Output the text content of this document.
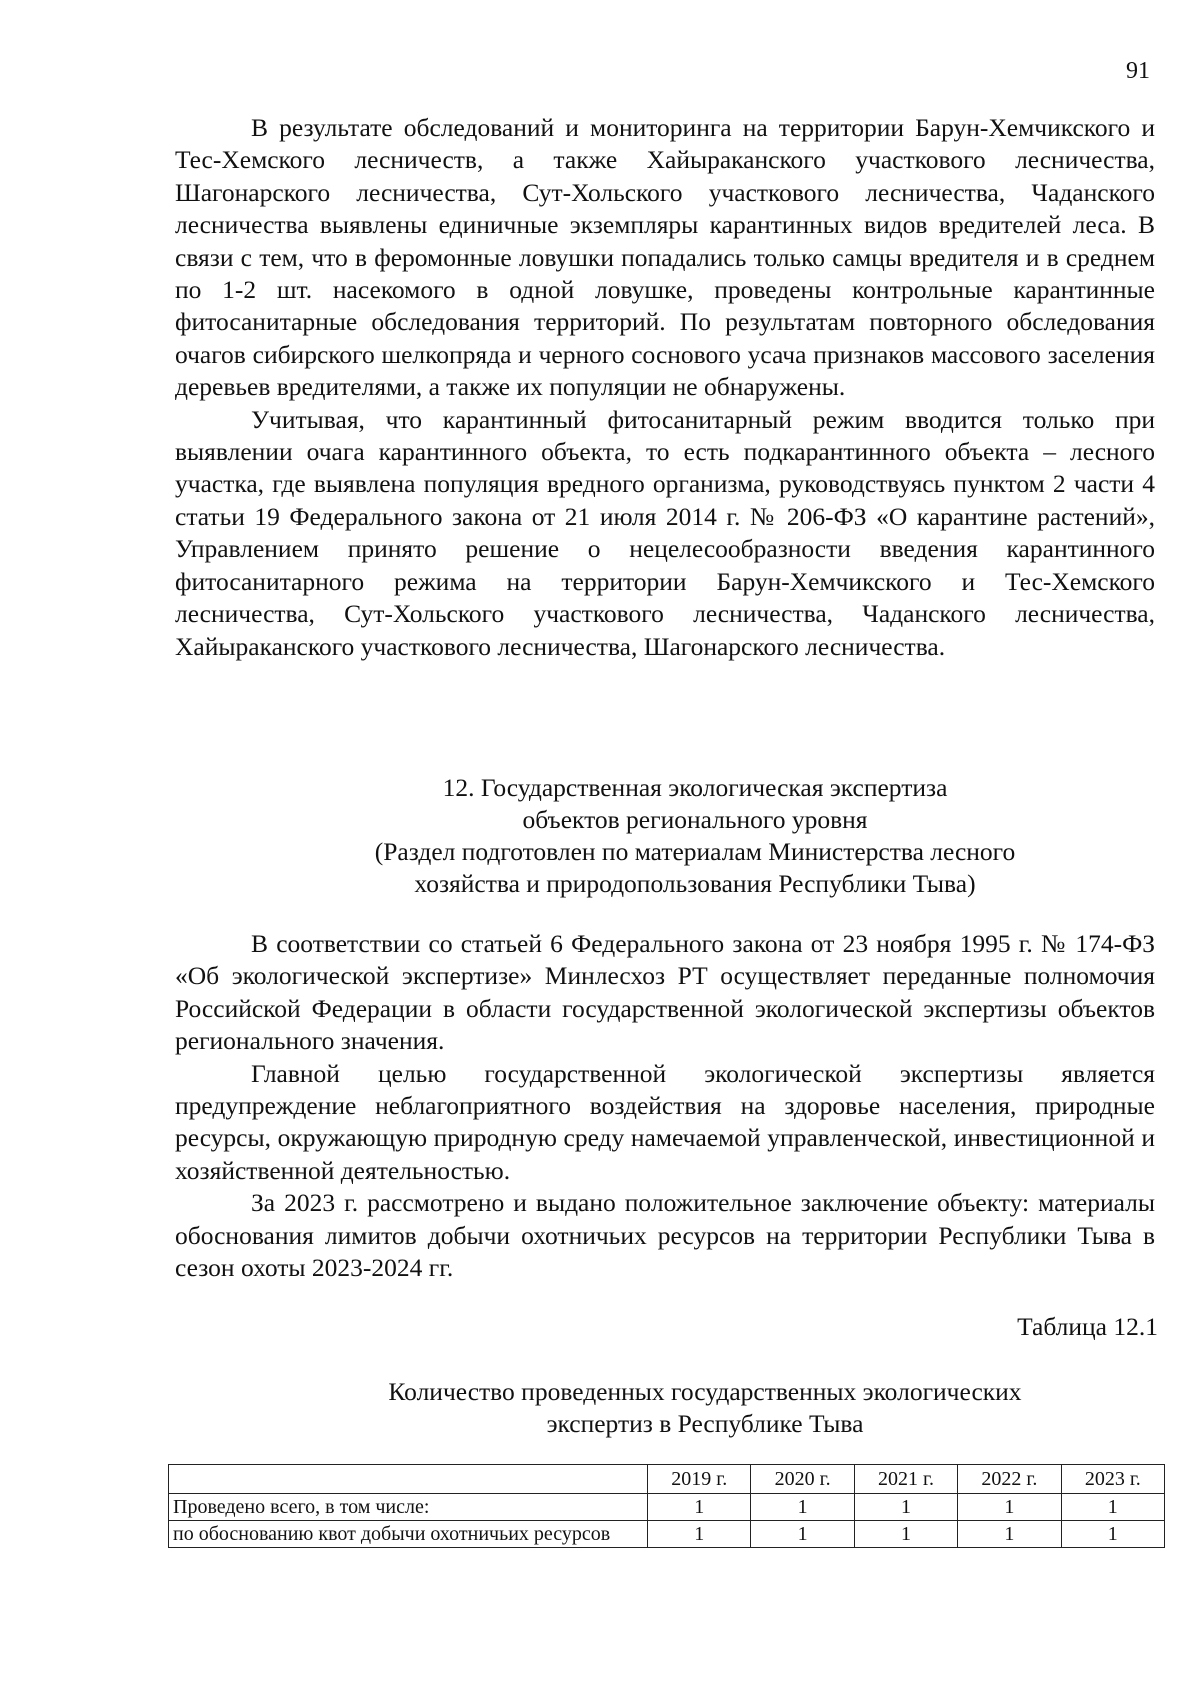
91

В результате обследований и мониторинга на территории Барун-Хемчикского и Тес-Хемского лесничеств, а также Хайыраканского участкового лесничества, Шагонарского лесничества, Сут-Хольского участкового лесничества, Чаданского лесничества выявлены единичные экземпляры карантинных видов вредителей леса. В связи с тем, что в феромонные ловушки попадались только самцы вредителя и в среднем по 1-2 шт. насекомого в одной ловушке, проведены контрольные карантинные фитосанитарные обследования территорий. По результатам повторного обследования очагов сибирского шелкопряда и черного соснового усача признаков массового заселения деревьев вредителями, а также их популяции не обнаружены.

Учитывая, что карантинный фитосанитарный режим вводится только при выявлении очага карантинного объекта, то есть подкарантинного объекта – лесного участка, где выявлена популяция вредного организма, руководствуясь пунктом 2 части 4 статьи 19 Федерального закона от 21 июля 2014 г. № 206-ФЗ «О карантине растений», Управлением принято решение о нецелесообразности введения карантинного фитосанитарного режима на территории Барун-Хемчикского и Тес-Хемского лесничества, Сут-Хольского участкового лесничества, Чаданского лесничества, Хайыраканского участкового лесничества, Шагонарского лесничества.

12. Государственная экологическая экспертиза
объектов регионального уровня
(Раздел подготовлен по материалам Министерства лесного
хозяйства и природопользования Республики Тыва)

В соответствии со статьей 6 Федерального закона от 23 ноября 1995 г. № 174-ФЗ «Об экологической экспертизе» Минлесхоз РТ осуществляет переданные полномочия Российской Федерации в области государственной экологической экспертизы объектов регионального значения.

Главной целью государственной экологической экспертизы является предупреждение неблагоприятного воздействия на здоровье населения, природные ресурсы, окружающую природную среду намечаемой управленческой, инвестиционной и хозяйственной деятельностью.

За 2023 г. рассмотрено и выдано положительное заключение объекту: материалы обоснования лимитов добычи охотничьих ресурсов на территории Республики Тыва в сезон охоты 2023-2024 гг.

Таблица 12.1
Количество проведенных государственных экологических
экспертиз в Республике Тыва
	2019 г.	2020 г.	2021 г.	2022 г.	2023 г.
Проведено всего, в том числе:	1	1	1	1	1
по обоснованию квот добычи охотничьих ресурсов	1	1	1	1	1
